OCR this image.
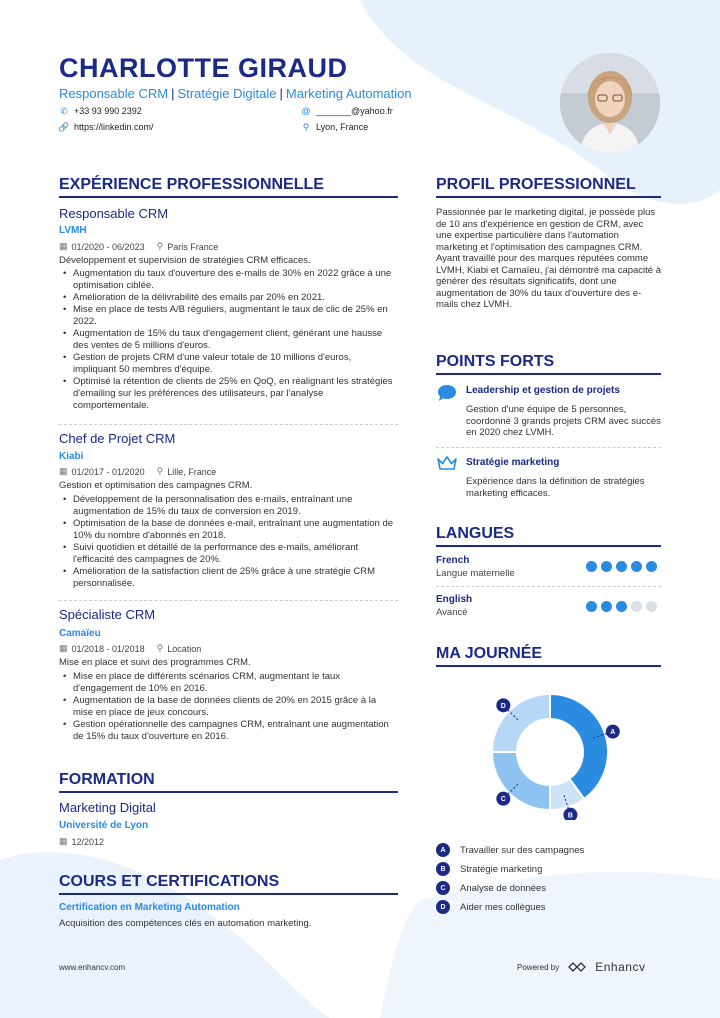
CHARLOTTE GIRAUD
Responsable CRM | Stratégie Digitale | Marketing Automation
✆ +33 93 990 2392	@ _______@yahoo.fr
🔗 https://linkedin.com/	⚲ Lyon, France
EXPÉRIENCE PROFESSIONNELLE
Responsable CRM
LVMH
▦ 01/2020 - 06/2023 ⚲ Paris France
Développement et supervision de stratégies CRM efficaces.
• Augmentation du taux d'ouverture des e-mails de 30% en 2022 grâce à une optimisation ciblée.
• Amélioration de la délivrabilité des emails par 20% en 2021.
• Mise en place de tests A/B réguliers, augmentant le taux de clic de 25% en 2022.
• Augmentation de 15% du taux d'engagement client, générant une hausse des ventes de 5 millions d'euros.
• Gestion de projets CRM d'une valeur totale de 10 millions d'euros, impliquant 50 membres d'équipe.
• Optimisé la rétention de clients de 25% en QoQ, en réalignant les stratégies d'emailing sur les préférences des utilisateurs, par l'analyse comportementale.
Chef de Projet CRM
Kiabi
▦ 01/2017 - 01/2020 ⚲ Lille, France
Gestion et optimisation des campagnes CRM.
• Développement de la personnalisation des e-mails, entraînant une augmentation de 15% du taux de conversion en 2019.
• Optimisation de la base de données e-mail, entraînant une augmentation de 10% du nombre d'abonnés en 2018.
• Suivi quotidien et détaillé de la performance des e-mails, améliorant l'efficacité des campagnes de 20%.
• Amélioration de la satisfaction client de 25% grâce à une stratégie CRM personnalisée.
Spécialiste CRM
Camaïeu
▦ 01/2018 - 01/2018 ⚲ Location
Mise en place et suivi des programmes CRM.
• Mise en place de différents scénarios CRM, augmentant le taux d'engagement de 10% en 2016.
• Augmentation de la base de données clients de 20% en 2015 grâce à la mise en place de jeux concours.
• Gestion opérationnelle des campagnes CRM, entraînant une augmentation de 15% du taux d'ouverture en 2016.
FORMATION
Marketing Digital
Université de Lyon
▦ 12/2012
COURS ET CERTIFICATIONS
Certification en Marketing Automation
Acquisition des compétences clés en automation marketing.
PROFIL PROFESSIONNEL
Passionnée par le marketing digital, je possède plus de 10 ans d'expérience en gestion de CRM, avec une expertise particulière dans l'automation marketing et l'optimisation des campagnes CRM. Ayant travaillé pour des marques réputées comme LVMH, Kiabi et Camaïeu, j'ai démontré ma capacité à générer des résultats significatifs, dont une augmentation de 30% du taux d'ouverture des e-mails chez LVMH.
POINTS FORTS
Leadership et gestion de projets
Gestion d'une équipe de 5 personnes, coordonné 3 grands projets CRM avec succès en 2020 chez LVMH.
Stratégie marketing
Expérience dans la définition de stratégies marketing efficaces.
LANGUES
French
Langue maternelle
English
Avancé
MA JOURNÉE
A
B
C
D
A	Travailler sur des campagnes
B	Stratégie marketing
C	Analyse de données
D	Aider mes collègues
www.enhancv.com	Powered by	Enhancv
